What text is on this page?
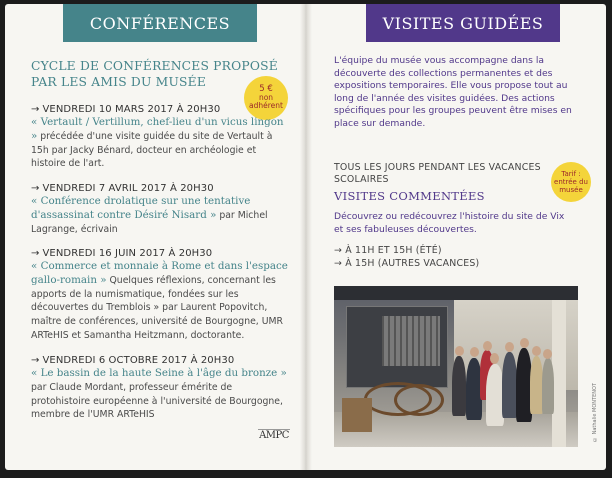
CONFÉRENCES
CYCLE DE CONFÉRENCES PROPOSÉ PAR LES AMIS DU MUSÉE
5 €
non
adhérent
→ VENDREDI 10 MARS 2017 À 20H30
« Vertault / Vertillum, chef-lieu d'un vicus lingon » précédée d'une visite guidée du site de Vertault à 15h par Jacky Bénard, docteur en archéologie et histoire de l'art.
→ VENDREDI 7 AVRIL 2017 À 20H30
« Conférence drolatique sur une tentative d'assassinat contre Désiré Nisard » par Michel Lagrange, écrivain
→ VENDREDI 16 JUIN 2017 À 20H30
« Commerce et monnaie à Rome et dans l'espace gallo-romain » Quelques réflexions, concernant les apports de la numismatique, fondées sur les découvertes du Tremblois » par Laurent Popovitch, maître de conférences, université de Bourgogne, UMR ARTeHIS et Samantha Heitzmann, doctorante.
→ VENDREDI 6 OCTOBRE 2017 À 20H30
« Le bassin de la haute Seine à l'âge du bronze » par Claude Mordant, professeur émérite de protohistoire européenne à l'université de Bourgogne, membre de l'UMR ARTeHIS
AMPC
VISITES GUIDÉES
L'équipe du musée vous accompagne dans la découverte des collections permanentes et des expositions temporaires. Elle vous propose tout au long de l'année des visites guidées. Des actions spécifiques pour les groupes peuvent être mises en place sur demande.
TOUS LES JOURS PENDANT LES VACANCES SCOLAIRES
Tarif :
entrée du
musée
VISITES COMMENTÉES
Découvrez ou redécouvrez l'histoire du site de Vix et ses fabuleuses découvertes.
→ À 11H ET 15H (ÉTÉ)
→ À 15H (AUTRES VACANCES)
© Nathalie MONTENOT
